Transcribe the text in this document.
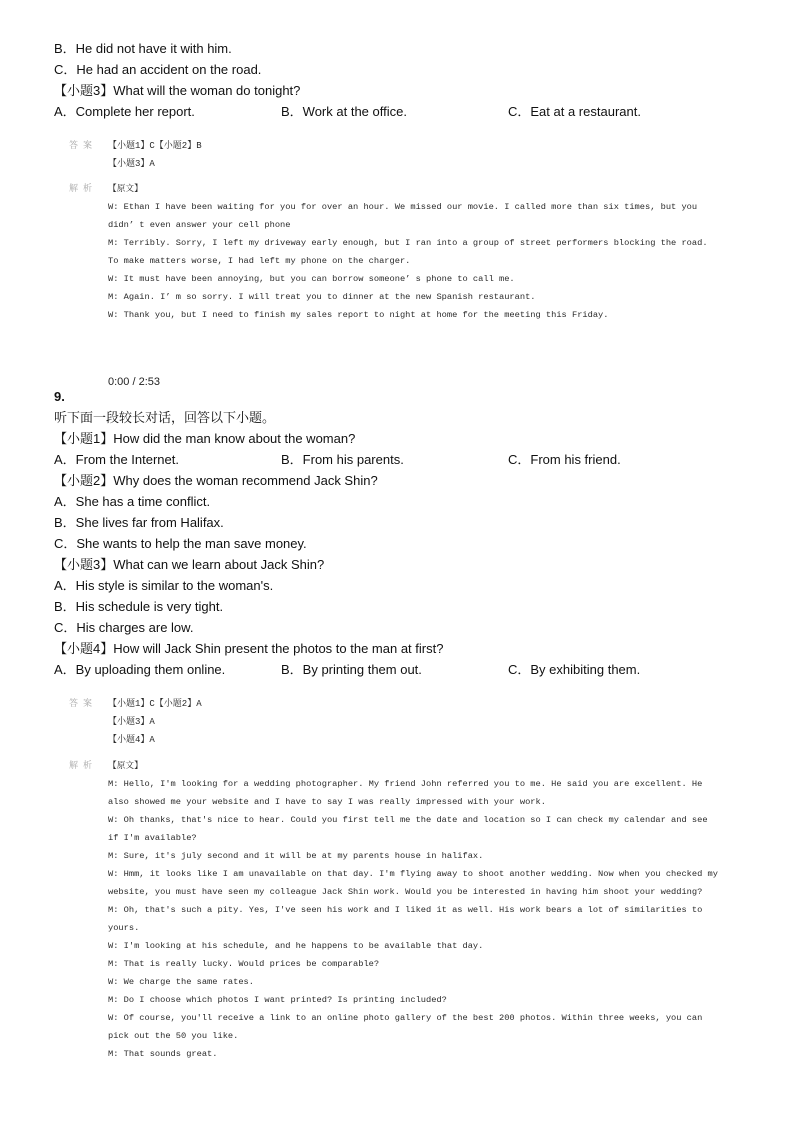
B．He did not have it with him.
C．He had an accident on the road.
【小题3】What will the woman do tonight?
A．Complete her report.	B．Work at the office.	C．Eat at a restaurant.
答案 【小题1】C【小题2】B
【小题3】A
解析 【原文】
W: Ethan I have been waiting for you for over an hour. We missed our movie. I called more than six times, but you
didn’ t even answer your cell phone
M: Terribly. Sorry, I left my driveway early enough, but I ran into a group of street performers blocking the road.
To make matters worse, I had left my phone on the charger.
W: It must have been annoying, but you can borrow someone’ s phone to call me.
M: Again. I’ m so sorry. I will treat you to dinner at the new Spanish restaurant.
W: Thank you, but I need to finish my sales report to night at home for the meeting this Friday.
0:00 / 2:53
9.
听下面一段较长对话，回答以下小题。
【小题1】How did the man know about the woman?
A．From the Internet.	B．From his parents.	C．From his friend.
【小题2】Why does the woman recommend Jack Shin?
A．She has a time conflict.
B．She lives far from Halifax.
C．She wants to help the man save money.
【小题3】What can we learn about Jack Shin?
A．His style is similar to the woman's.
B．His schedule is very tight.
C．His charges are low.
【小题4】How will Jack Shin present the photos to the man at first?
A．By uploading them online.	B．By printing them out.	C．By exhibiting them.
答案 【小题1】C【小题2】A
【小题3】A
【小题4】A
解析 【原文】
M: Hello, I'm looking for a wedding photographer. My friend John referred you to me. He said you are excellent. He
also showed me your website and I have to say I was really impressed with your work.
W: Oh thanks, that's nice to hear. Could you first tell me the date and location so I can check my calendar and see
if I'm available?
M: Sure, it's july second and it will be at my parents house in halifax.
W: Hmm, it looks like I am unavailable on that day. I'm flying away to shoot another wedding. Now when you checked my
website, you must have seen my colleague Jack Shin work. Would you be interested in having him shoot your wedding?
M: Oh, that's such a pity. Yes, I've seen his work and I liked it as well. His work bears a lot of similarities to
yours.
W: I'm looking at his schedule, and he happens to be available that day.
M: That is really lucky. Would prices be comparable?
W: We charge the same rates.
M: Do I choose which photos I want printed? Is printing included?
W: Of course, you'll receive a link to an online photo gallery of the best 200 photos. Within three weeks, you can
pick out the 50 you like.
M: That sounds great.
